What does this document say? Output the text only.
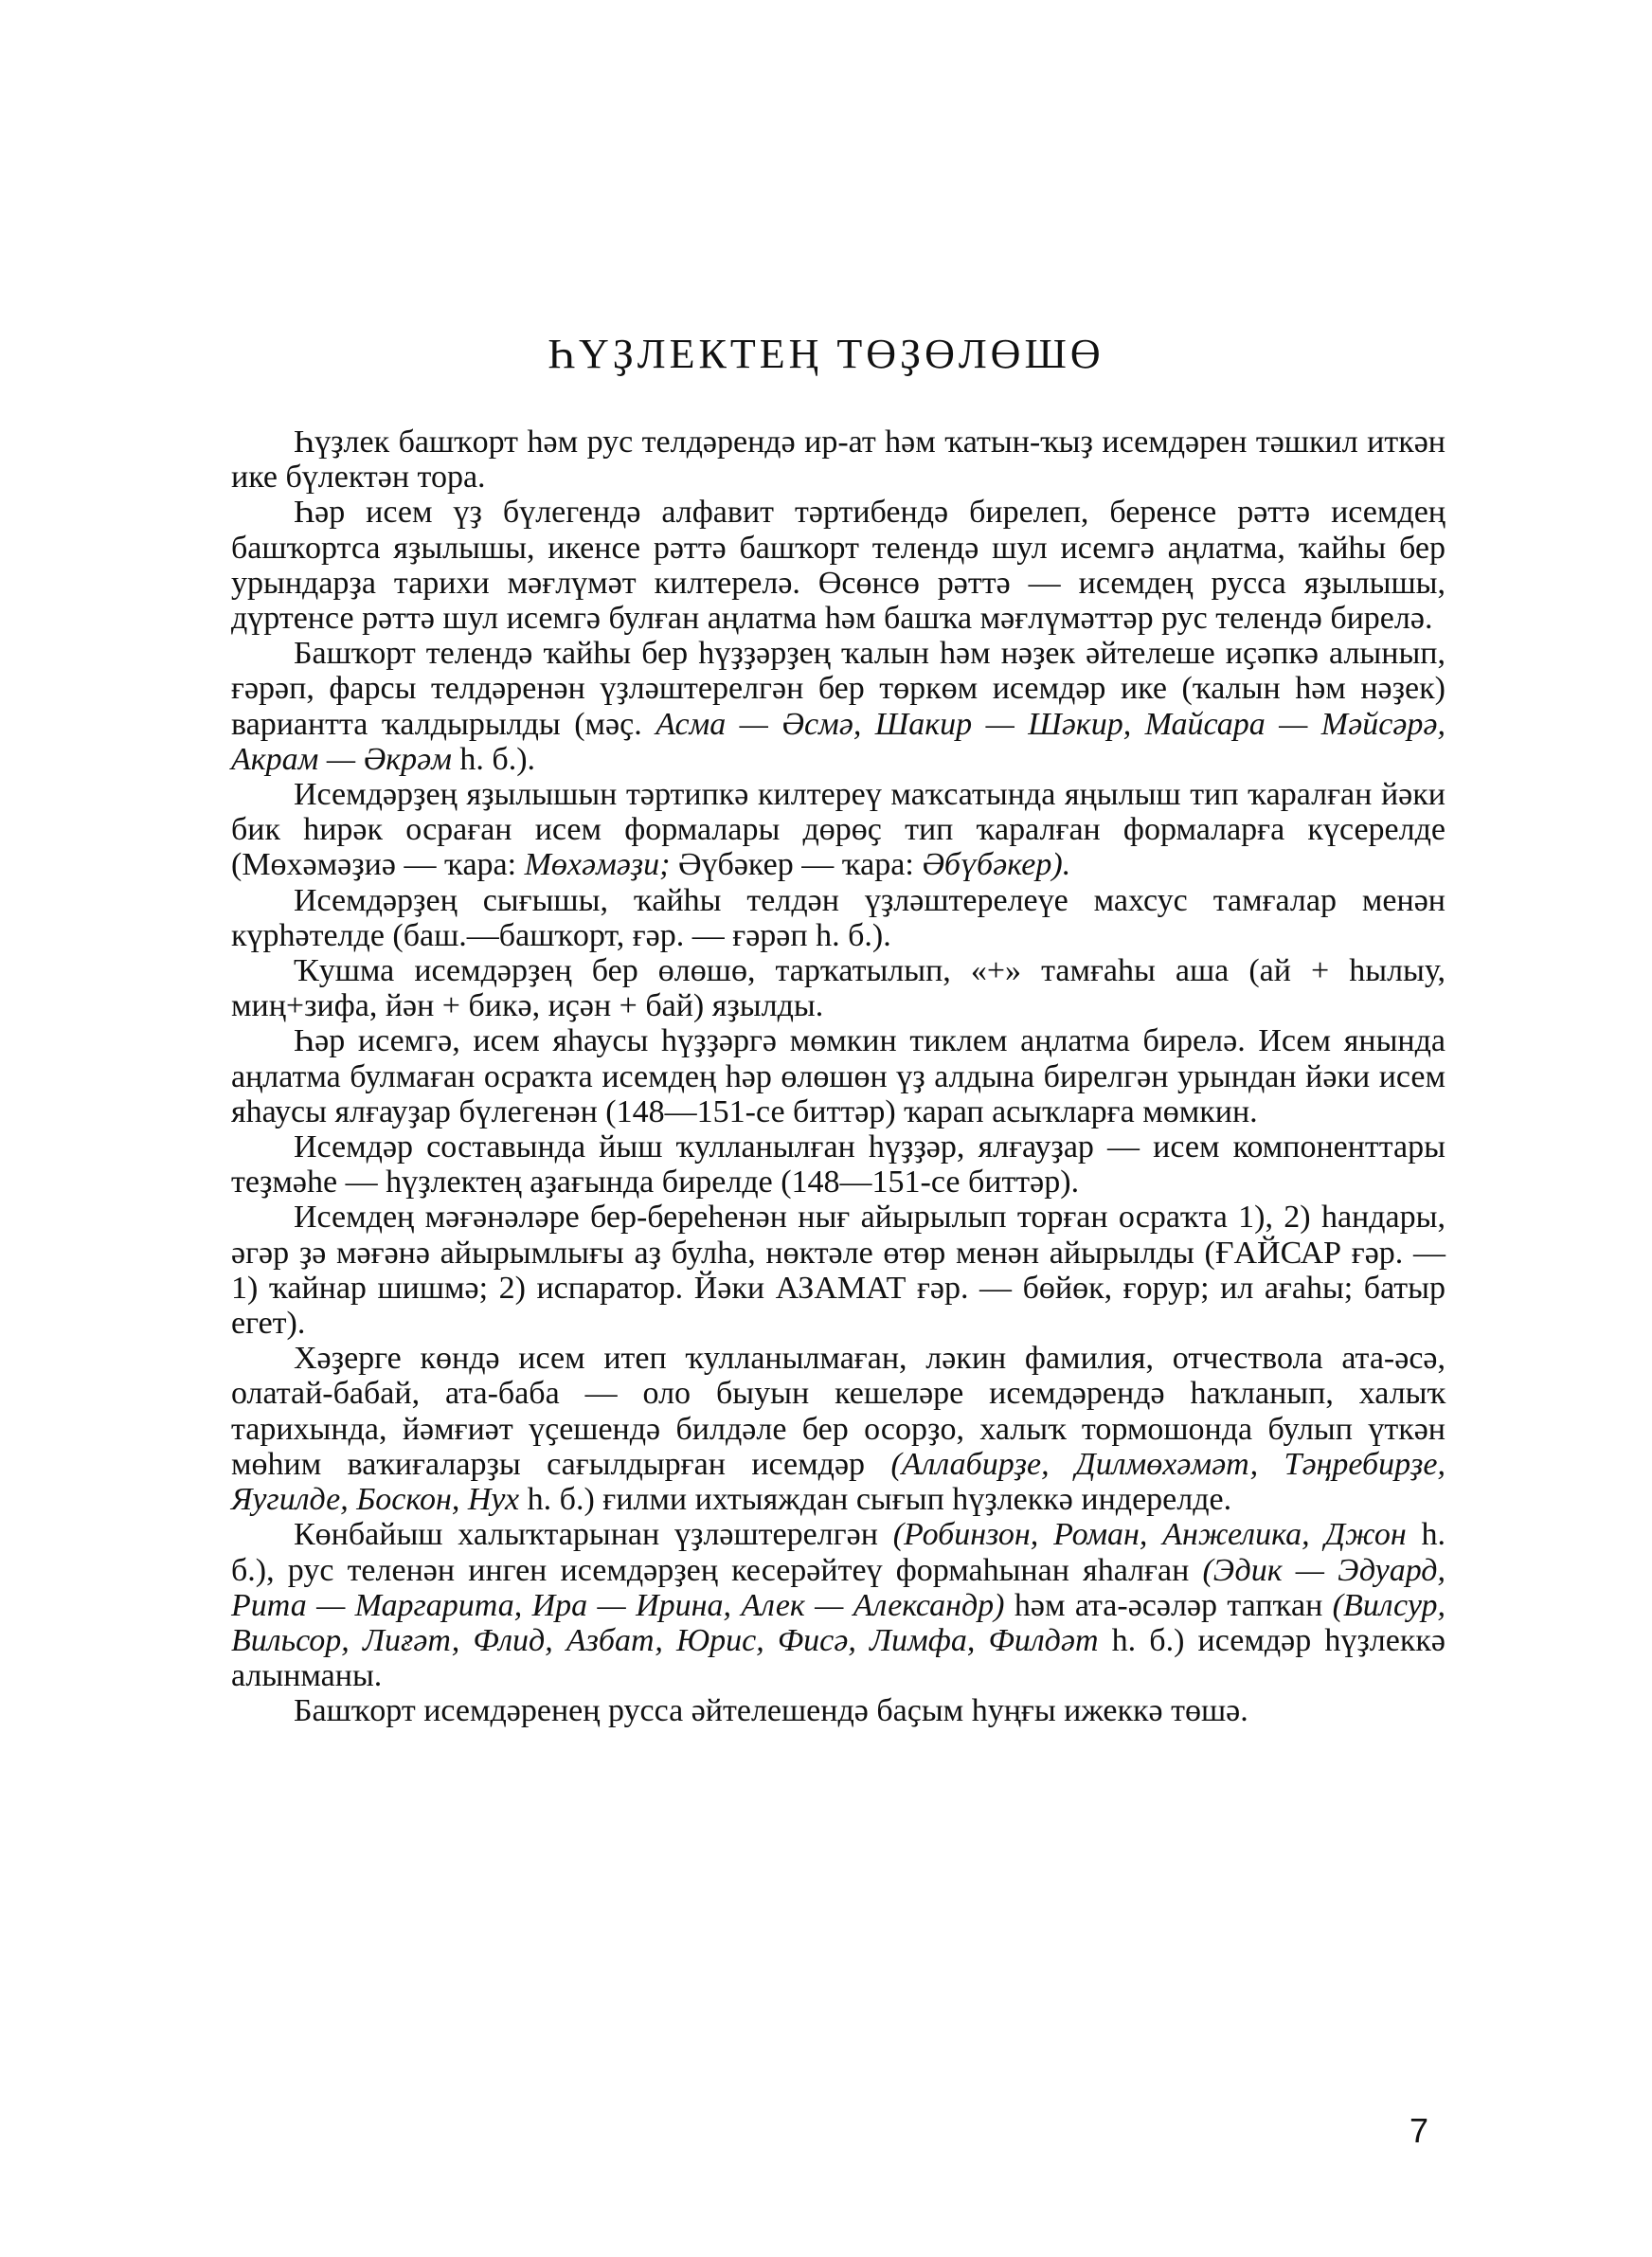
ҺҮҘЛЕКТЕҢ ТӨҘӨЛӨШӨ

Һүҙлек башҡорт һәм рус телдәрендә ир-ат һәм ҡатын-ҡыҙ исемдәрен тәшкил иткән ике бүлектән тора.

Һәр исем үҙ бүлегендә алфавит тәртибендә бирелеп, беренсе рәттә исемдең башҡортса яҙылышы, икенсе рәттә башҡорт телендә шул исемгә аңлатма, ҡайһы бер урындарҙа тарихи мәғлүмәт килтерелә. Өсөнсө рәттә — исемдең русса яҙылышы, дүртенсе рәттә шул исемгә булған аңлатма һәм башҡа мәғлүмәттәр рус телендә бирелә.

Башҡорт телендә ҡайһы бер һүҙҙәрҙең ҡалын һәм нәҙек әйтелеше иҫәпкә алынып, ғәрәп, фарсы телдәренән үҙләштерелгән бер төркөм исемдәр ике (ҡалын һәм нәҙек) вариантта ҡалдырылды (мәҫ. Асма — Әсмә, Шакир — Шәкир, Майсара — Мәйсәрә, Акрам — Әкрәм һ. б.).

Исемдәрҙең яҙылышын тәртипкә килтереү маҡсатында яңылыш тип ҡаралған йәки бик һирәк осраған исем формалары дөрөҫ тип ҡаралған формаларға күсерелде (Мөхәмәҙиә — ҡара: Мөхәмәҙи; Әүбәкер — ҡара: Әбүбәкер).

Исемдәрҙең сығышы, ҡайһы телдән үҙләштерелеүе махсус тамғалар менән күрһәтелде (баш.—башҡорт, ғәр. — ғәрәп һ. б.).

Ҡушма исемдәрҙең бер өлөшө, тарҡатылып, «+» тамғаһы аша (ай + һылыу, миң+зифа, йән + бикә, иҫән + бай) яҙылды.

Һәр исемгә, исем яһаусы һүҙҙәргә мөмкин тиклем аңлатма бирелә. Исем янында аңлатма булмаған осраҡта исемдең һәр өлөшөн үҙ алдына бирелгән урындан йәки исем яһаусы ялғауҙар бүлегенән (148—151-се биттәр) ҡарап асыҡларға мөмкин.

Исемдәр составында йыш ҡулланылған һүҙҙәр, ялғауҙар — исем компоненттары теҙмәһе — һүҙлектең аҙағында бирелде (148—151-се биттәр).

Исемдең мәғәнәләре бер-береһенән нығ айырылып торған осраҡта 1), 2) һандары, әгәр ҙә мәғәнә айырымлығы аҙ булһа, нөктәле өтөр менән айырылды (ҒАЙСАР ғәр. — 1) ҡайнар шишмә; 2) испаратор. Йәки АЗАМАТ ғәр. — бөйөк, ғорур; ил ағаһы; батыр егет).

Хәҙерге көндә исем итеп ҡулланылмаған, ләкин фамилия, отчествола ата-әсә, олатай-бабай, ата-баба — оло быуын кешеләре исемдәрендә һаҡланып, халыҡ тарихында, йәмғиәт үҫешендә билдәле бер осорҙо, халыҡ тормошонда булып үткән мөһим ваҡиғаларҙы сағылдырған исемдәр (Аллабирҙе, Дилмөхәмәт, Тәңребирҙе, Яугилде, Боскон, Нух һ. б.) ғилми ихтыяждан сығып һүҙлеккә индерелде.

Көнбайыш халыҡтарынан үҙләштерелгән (Робинзон, Роман, Анжелика, Джон һ. б.), рус теленән инген исемдәрҙең кесерәйтеү формаһынан яһалған (Эдик — Эдуард, Рита — Маргарита, Ира — Ирина, Алек — Александр) һәм ата-әсәләр тапҡан (Вилсур, Вильсор, Лиғәт, Флид, Азбат, Юрис, Фисә, Лимфа, Филдәт һ. б.) исемдәр һүҙлеккә алынманы.

Башҡорт исемдәренең русса әйтелешендә баҫым һуңғы ижеккә төшә.

7
